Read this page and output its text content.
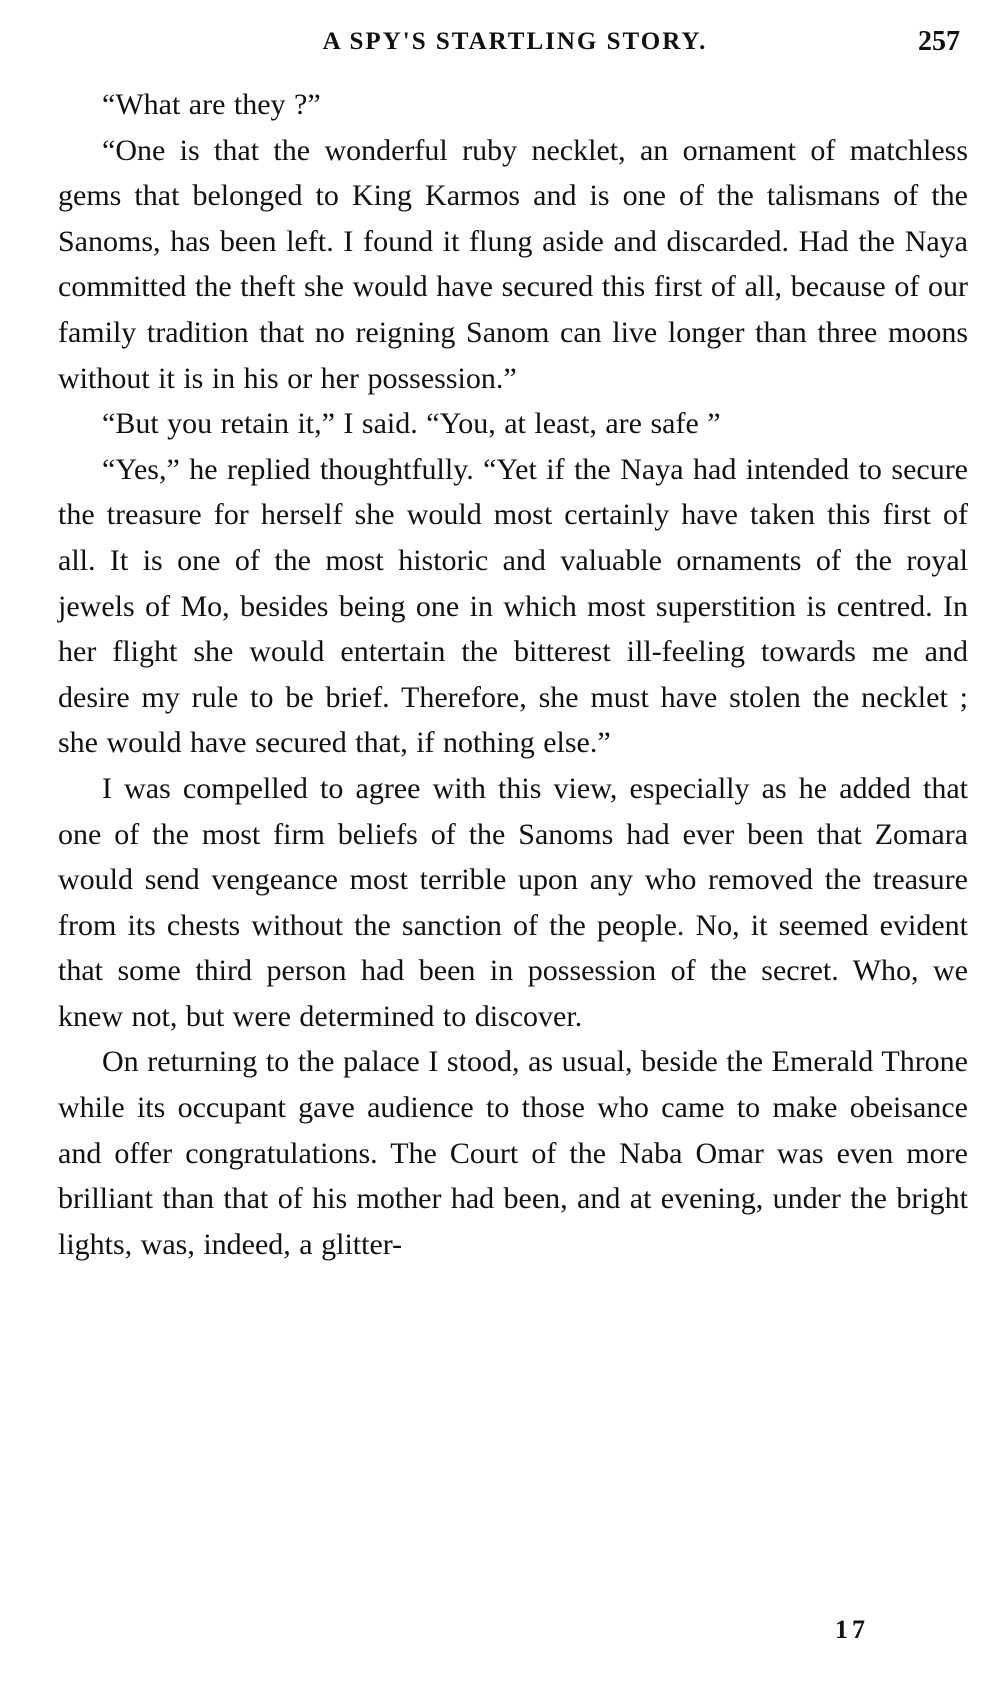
A SPY'S STARTLING STORY.	257

“What are they ?”

“One is that the wonderful ruby necklet, an ornament of matchless gems that belonged to King Karmos and is one of the talismans of the Sanoms, has been left. I found it flung aside and discarded. Had the Naya committed the theft she would have secured this first of all, because of our family tradition that no reigning Sanom can live longer than three moons without it is in his or her possession.”

“But you retain it,” I said. “You, at least, are safe ”

“Yes,” he replied thoughtfully. “Yet if the Naya had intended to secure the treasure for herself she would most certainly have taken this first of all. It is one of the most historic and valuable ornaments of the royal jewels of Mo, besides being one in which most superstition is centred. In her flight she would entertain the bitterest ill-feeling towards me and desire my rule to be brief. Therefore, she must have stolen the necklet ; she would have secured that, if nothing else.”

I was compelled to agree with this view, especially as he added that one of the most firm beliefs of the Sanoms had ever been that Zomara would send vengeance most terrible upon any who removed the treasure from its chests without the sanction of the people. No, it seemed evident that some third person had been in possession of the secret. Who, we knew not, but were determined to discover.

On returning to the palace I stood, as usual, beside the Emerald Throne while its occupant gave audience to those who came to make obeisance and offer congratulations. The Court of the Naba Omar was even more brilliant than that of his mother had been, and at evening, under the bright lights, was, indeed, a glitter-

17
